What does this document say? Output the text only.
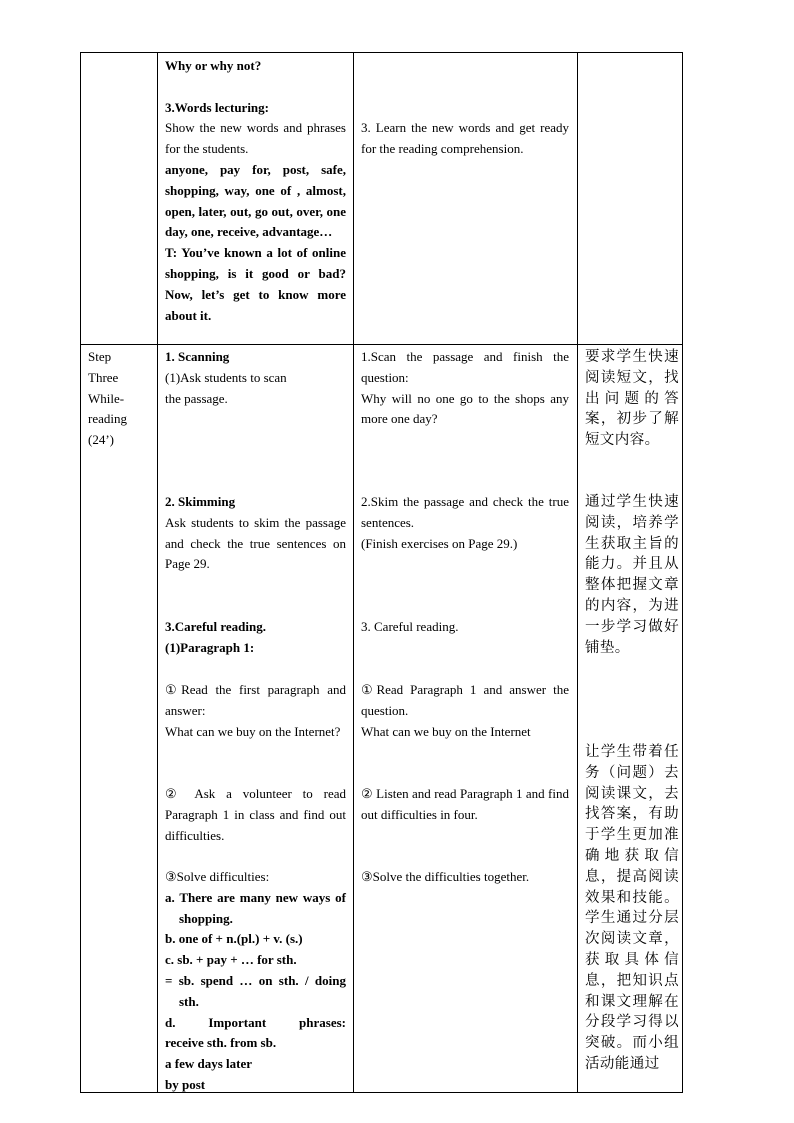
Why or why not?

3.Words lecturing:

Show the new words and phrases for the students.

anyone, pay for, post, safe, shopping, way, one of , almost, open, later, out, go out, over, one day, one, receive, advantage…

T: You’ve known a lot of online shopping, is it good or bad? Now, let’s get to know more about it.

3. Learn the new words and get ready for the reading comprehension.

Step

Three

While-

reading

(24’)

1. Scanning

(1)Ask students to scan

the passage.

1.Scan the passage and finish the question:

Why will no one go to the shops any more one day?

2. Skimming

Ask students to skim the passage and check the true sentences on Page 29.

2.Skim the passage and check the true sentences.

(Finish exercises on Page 29.)

3.Careful reading.

(1)Paragraph 1:

3. Careful reading.

①Read the first paragraph and answer:

What can we buy on the Internet?

①Read Paragraph 1 and answer the question.

What can we buy on the Internet

② Ask a volunteer to read Paragraph 1 in class and find out difficulties.

② Listen and read Paragraph 1 and find out difficulties in four.

③Solve difficulties:

a. There are many new ways of shopping.

b. one of + n.(pl.) + v. (s.)

c. sb. + pay + … for sth.

= sb. spend … on sth. / doing sth.

d. Important phrases:

receive sth. from sb.

a few days later

by post

③Solve the difficulties together.

要求学生快速阅读短文，找出问题的答案，初步了解短文内容。
通过学生快速阅读，培养学生获取主旨的能力。并且从整体把握文章的内容，为进一步学习做好铺垫。
让学生带着任务（问题）去阅读课文，去找答案，有助于学生更加准确地获取信息，提高阅读效果和技能。学生通过分层次阅读文章，获取具体信息，把知识点和课文理解在分段学习得以突破。而小组活动能通过
